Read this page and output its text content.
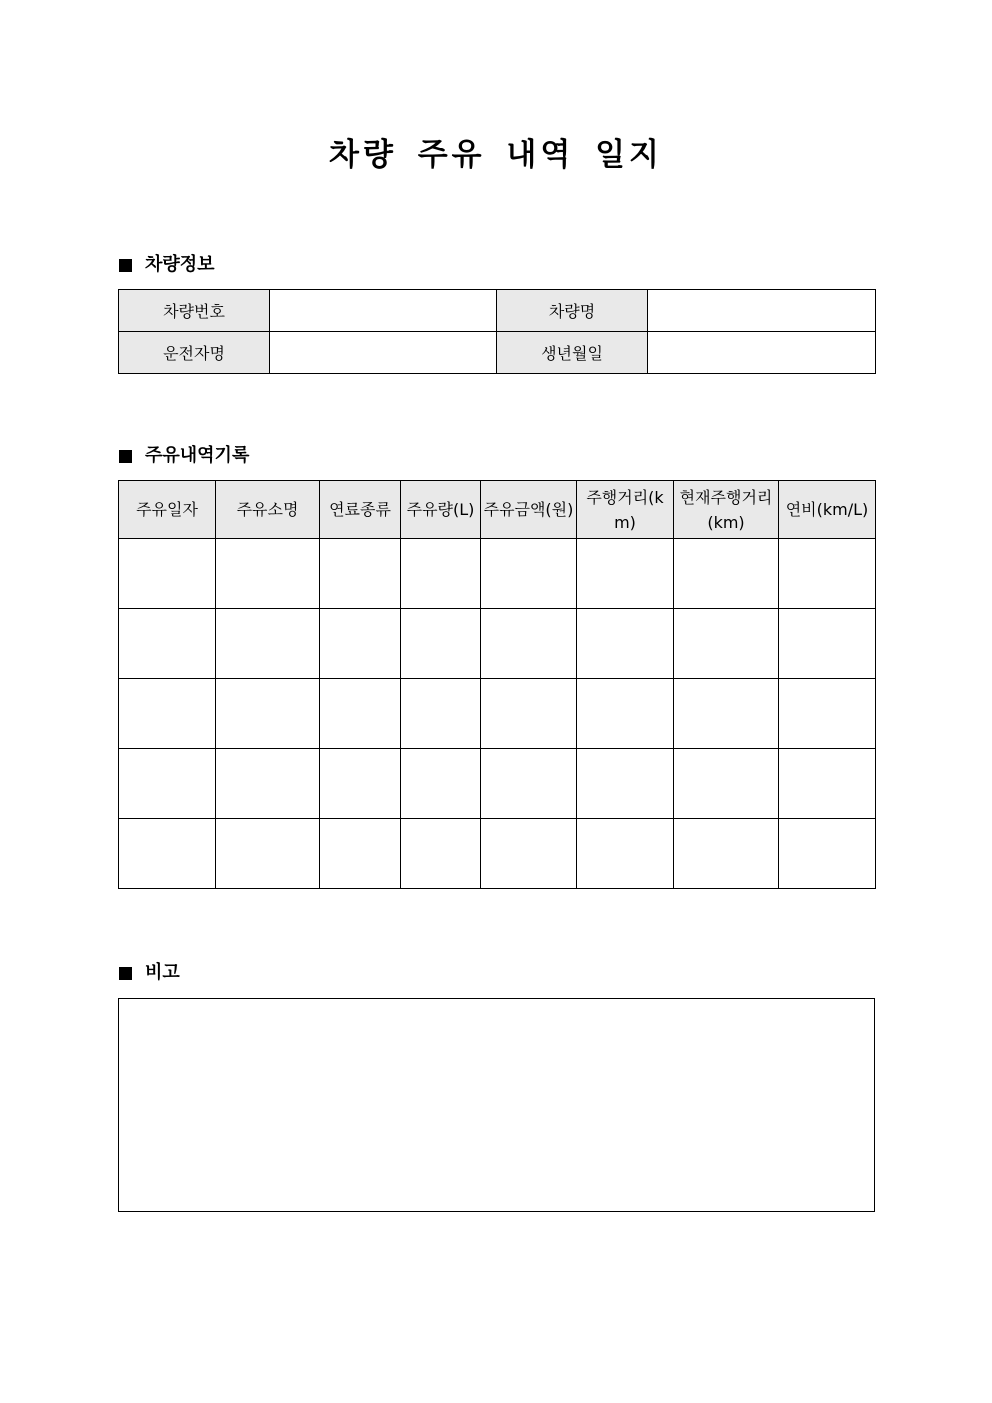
차량 주유 내역 일지
차량정보
차량번호		차량명	
운전자명		생년월일	
주유내역기록
주유일자	주유소명	연료종류	주유량(L)	주유금액(원)	주행거리(km)	현재주행거리(km)	연비(km/L)

비고
